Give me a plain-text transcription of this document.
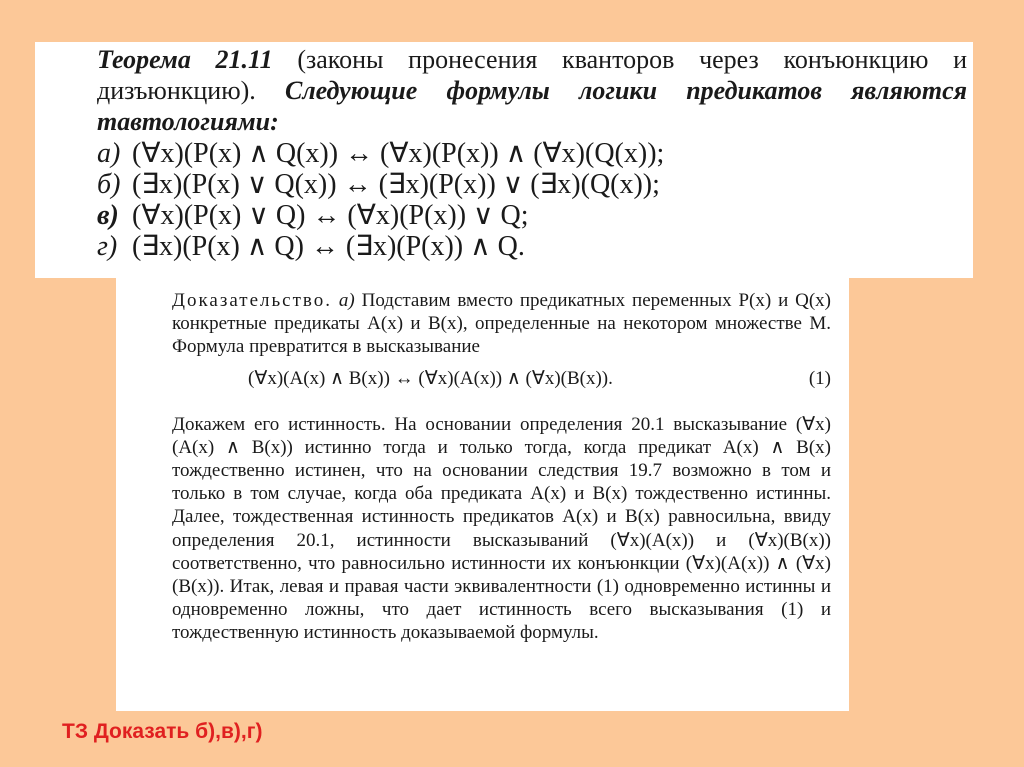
Теорема 21.11 (законы пронесения кванторов через конъюнкцию и дизъюнкцию). Следующие формулы логики предикатов являются тавтологиями:
а) (∀x)(P(x) ∧ Q(x)) ↔ (∀x)(P(x)) ∧ (∀x)(Q(x));
б) (∃x)(P(x) ∨ Q(x)) ↔ (∃x)(P(x)) ∨ (∃x)(Q(x));
в) (∀x)(P(x) ∨ Q) ↔ (∀x)(P(x)) ∨ Q;
г) (∃x)(P(x) ∧ Q) ↔ (∃x)(P(x)) ∧ Q.

Доказательство. а) Подставим вместо предикатных переменных P(x) и Q(x) конкретные предикаты A(x) и B(x), определенные на некотором множестве M. Формула превратится в высказывание

(∀x)(A(x) ∧ B(x)) ↔ (∀x)(A(x)) ∧ (∀x)(B(x)).	(1)

Докажем его истинность. На основании определения 20.1 высказывание (∀x)(A(x) ∧ B(x)) истинно тогда и только тогда, когда предикат A(x) ∧ B(x) тождественно истинен, что на основании следствия 19.7 возможно в том и только в том случае, когда оба предиката A(x) и B(x) тождественно истинны. Далее, тождественная истинность предикатов A(x) и B(x) равносильна, ввиду определения 20.1, истинности высказываний (∀x)(A(x)) и (∀x)(B(x)) соответственно, что равносильно истинности их конъюнкции (∀x)(A(x)) ∧ (∀x)(B(x)). Итак, левая и правая части эквивалентности (1) одновременно истинны и одновременно ложны, что дает истинность всего высказывания (1) и тождественную истинность доказываемой формулы.

ТЗ Доказать б),в),г)
